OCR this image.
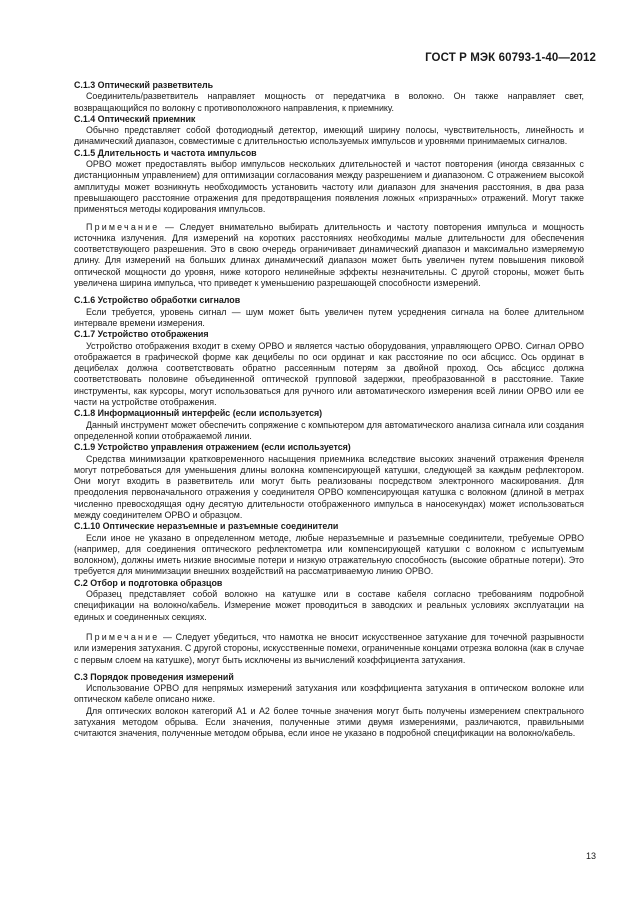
ГОСТ Р МЭК 60793-1-40—2012
С.1.3 Оптический разветвитель

Соединитель/разветвитель направляет мощность от передатчика в волокно. Он также направляет свет, возвращающийся по волокну с противоположного направления, к приемнику.

С.1.4 Оптический приемник

Обычно представляет собой фотодиодный детектор, имеющий ширину полосы, чувствительность, линейность и динамический диапазон, совместимые с длительностью используемых импульсов и уровнями принимаемых сигналов.

С.1.5 Длительность и частота импульсов

OPBO может предоставлять выбор импульсов нескольких длительностей и частот повторения (иногда связанных с дистанционным управлением) для оптимизации согласования между разрешением и диапазоном. С отражением высокой амплитуды может возникнуть необходимость установить частоту или диапазон для значения расстояния, в два раза превышающего расстояние отражения для предотвращения появления ложных «призрачных» отражений. Могут также применяться методы кодирования импульсов.

Примечание — Следует внимательно выбирать длительность и частоту повторения импульса и мощность источника излучения. Для измерений на коротких расстояниях необходимы малые длительности для обеспечения соответствующего разрешения. Это в свою очередь ограничивает динамический диапазон и максимально измеряемую длину. Для измерений на больших длинах динамический диапазон может быть увеличен путем повышения пиковой оптической мощности до уровня, ниже которого нелинейные эффекты незначительны. С другой стороны, может быть увеличена ширина импульса, что приведет к уменьшению разрешающей способности измерений.

С.1.6 Устройство обработки сигналов

Если требуется, уровень сигнал — шум может быть увеличен путем усреднения сигнала на более длительном интервале времени измерения.

С.1.7 Устройство отображения

Устройство отображения входит в схему OPBO и является частью оборудования, управляющего OPBO. Сигнал OPBO отображается в графической форме как децибелы по оси ординат и как расстояние по оси абсцисс. Ось ординат в децибелах должна соответствовать обратно рассеянным потерям за двойной проход. Ось абсцисс должна соответствовать половине объединенной оптической групповой задержки, преобразованной в расстояние. Такие инструменты, как курсоры, могут использоваться для ручного или автоматического измерения всей линии OPBO или ее части на устройстве отображения.

С.1.8 Информационный интерфейс (если используется)

Данный инструмент может обеспечить сопряжение с компьютером для автоматического анализа сигнала или создания определенной копии отображаемой линии.

С.1.9 Устройство управления отражением (если используется)

Средства минимизации кратковременного насыщения приемника вследствие высоких значений отражения Френеля могут потребоваться для уменьшения длины волокна компенсирующей катушки, следующей за каждым рефлектором. Они могут входить в разветвитель или могут быть реализованы посредством электронного маскирования. Для преодоления первоначального отражения у соединителя OPBO компенсирующая катушка с волокном (длиной в метрах численно превосходящая одну десятую длительности отображенного импульса в наносекундах) может использоваться между соединителем OPBO и образцом.

С.1.10 Оптические неразъемные и разъемные соединители

Если иное не указано в определенном методе, любые неразъемные и разъемные соединители, требуемые OPBO (например, для соединения оптического рефлектометра или компенсирующей катушки с волокном с испытуемым волокном), должны иметь низкие вносимые потери и низкую отражательную способность (высокие обратные потери). Это требуется для минимизации внешних воздействий на рассматриваемую линию OPBO.

С.2 Отбор и подготовка образцов

Образец представляет собой волокно на катушке или в составе кабеля согласно требованиям подробной спецификации на волокно/кабель. Измерение может проводиться в заводских и реальных условиях эксплуатации на единых и соединенных секциях.

Примечание — Следует убедиться, что намотка не вносит искусственное затухание для точечной разрывности или измерения затухания. С другой стороны, искусственные помехи, ограниченные концами отрезка волокна (как в случае с первым слоем на катушке), могут быть исключены из вычислений коэффициента затухания.

С.3 Порядок проведения измерений

Использование OPBO для непрямых измерений затухания или коэффициента затухания в оптическом волокне или оптическом кабеле описано ниже.

Для оптических волокон категорий А1 и А2 более точные значения могут быть получены измерением спектрального затухания методом обрыва. Если значения, полученные этими двумя измерениями, различаются, правильными считаются значения, полученные методом обрыва, если иное не указано в подробной спецификации на волокно/кабель.

13
